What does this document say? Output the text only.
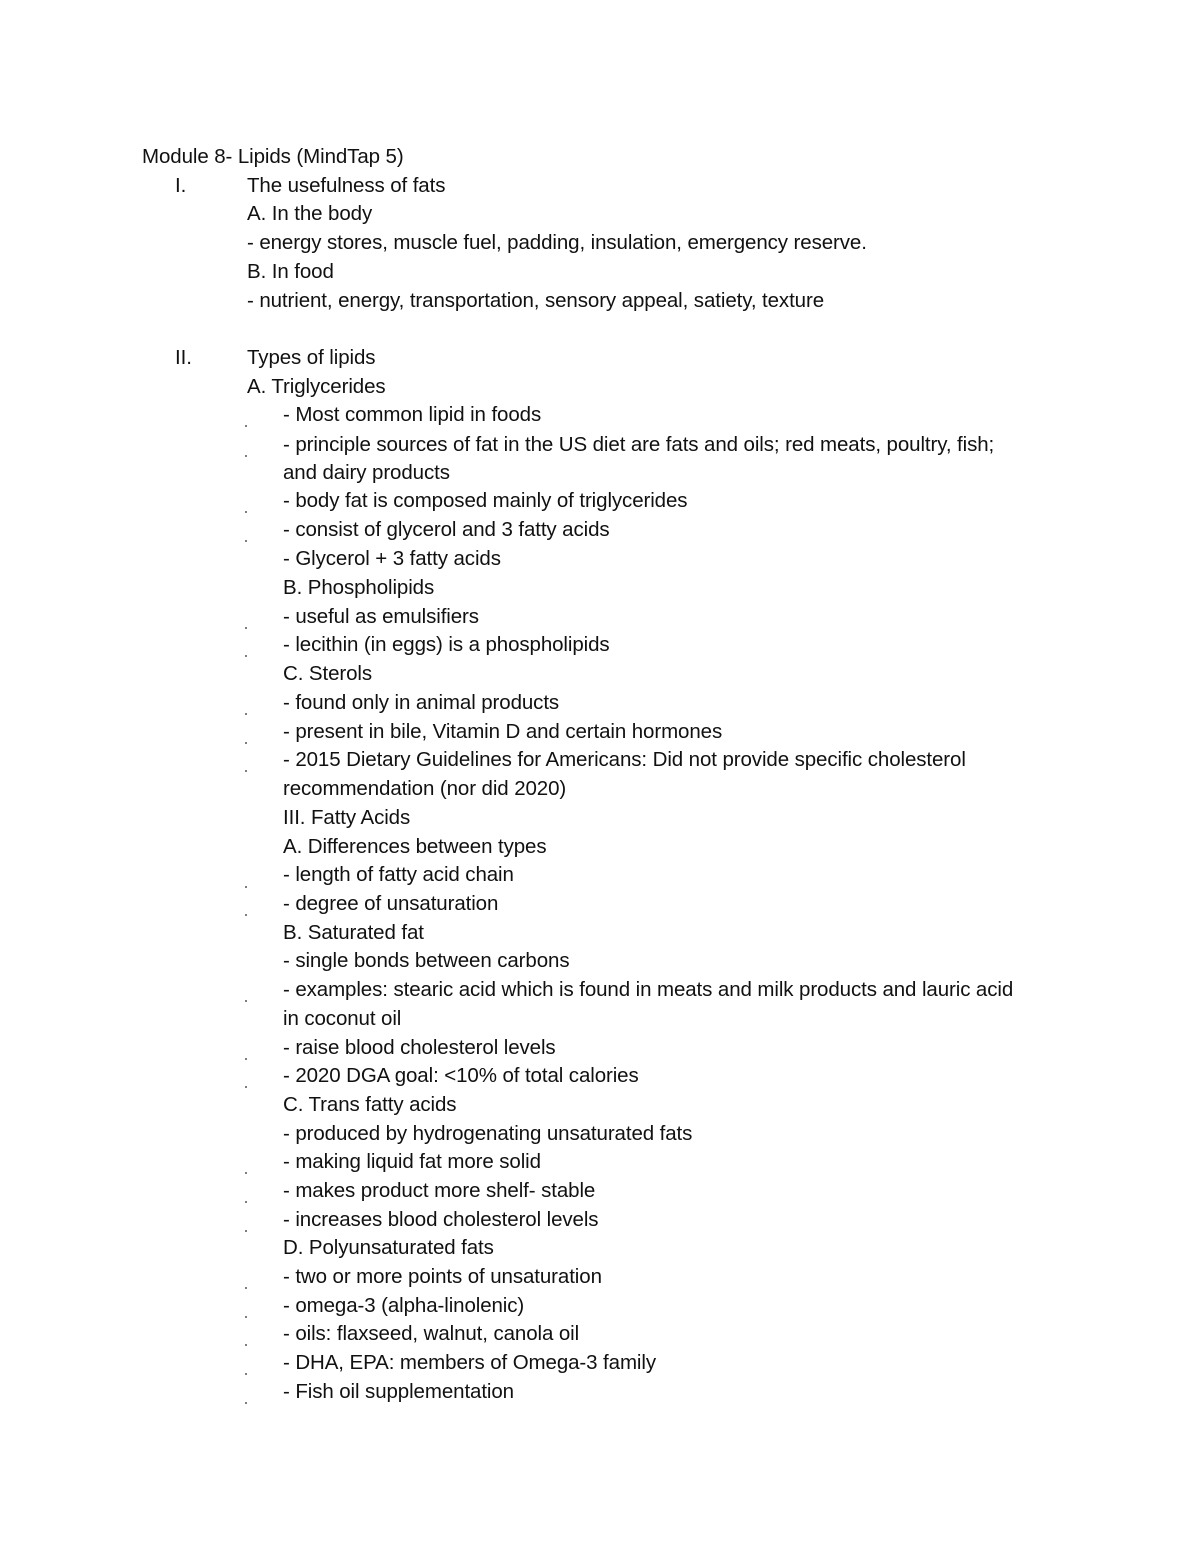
Module 8- Lipids (MindTap 5)
I.	The usefulness of fats
A. In the body
- energy stores, muscle fuel, padding, insulation, emergency reserve.
B. In food
- nutrient, energy, transportation, sensory appeal, satiety, texture
II.	Types of lipids
A. Triglycerides
- Most common lipid in foods
- principle sources of fat in the US diet are fats and oils; red meats, poultry, fish;
and dairy products
- body fat is composed mainly of triglycerides
- consist of glycerol and 3 fatty acids
- Glycerol + 3 fatty acids
B. Phospholipids
- useful as emulsifiers
- lecithin (in eggs) is a phospholipids
C. Sterols
- found only in animal products
- present in bile, Vitamin D and certain hormones
- 2015 Dietary Guidelines for Americans: Did not provide specific cholesterol
recommendation (nor did 2020)
III. Fatty Acids
A. Differences between types
- length of fatty acid chain
- degree of unsaturation
B. Saturated fat
- single bonds between carbons
- examples: stearic acid which is found in meats and milk products and lauric acid
in coconut oil
- raise blood cholesterol levels
- 2020 DGA goal: <10% of total calories
C. Trans fatty acids
- produced by hydrogenating unsaturated fats
- making liquid fat more solid
- makes product more shelf- stable
- increases blood cholesterol levels
D. Polyunsaturated fats
- two or more points of unsaturation
- omega-3 (alpha-linolenic)
- oils: flaxseed, walnut, canola oil
- DHA, EPA: members of Omega-3 family
- Fish oil supplementation
